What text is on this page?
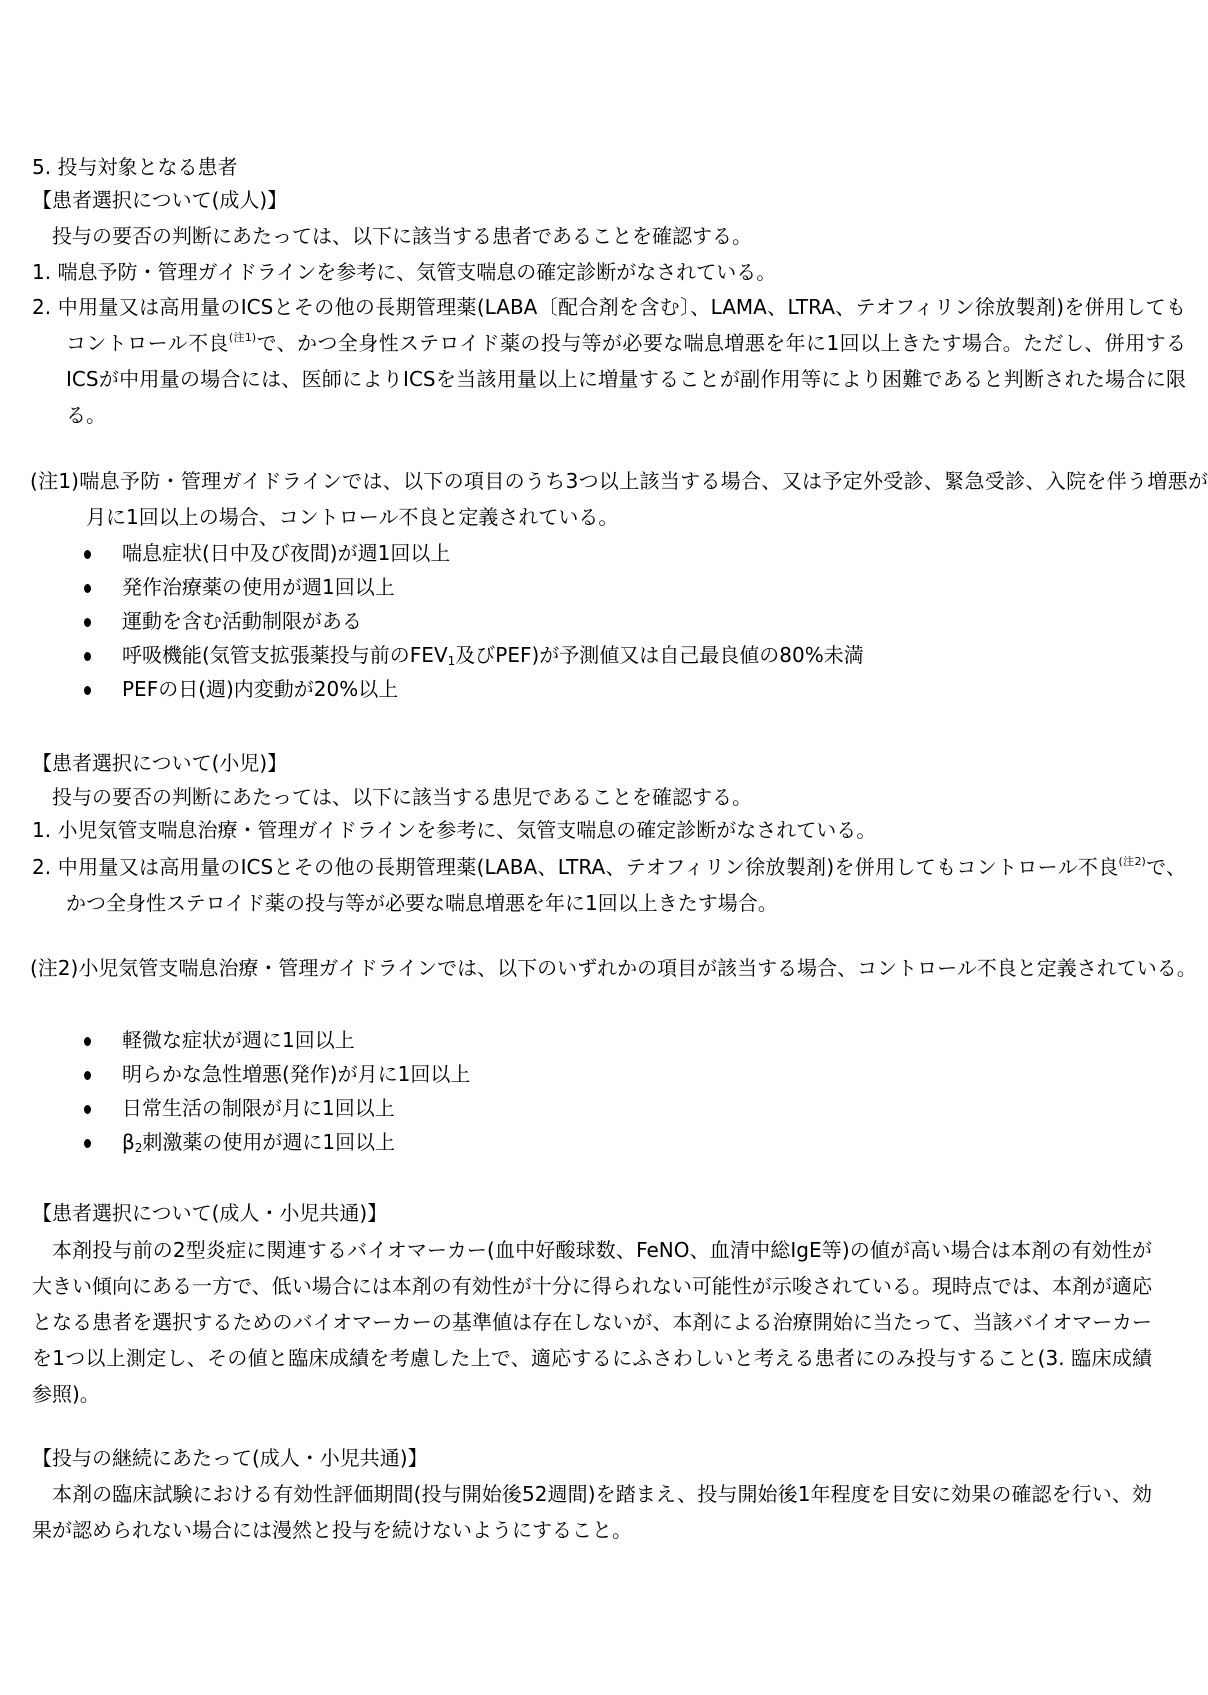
5. 投与対象となる患者
【患者選択について(成人)】
投与の要否の判断にあたっては、以下に該当する患者であることを確認する。
1. 喘息予防・管理ガイドラインを参考に、気管支喘息の確定診断がなされている。
2. 中用量又は高用量のICSとその他の長期管理薬(LABA〔配合剤を含む〕、LAMA、LTRA、テオフィリン徐放製剤)を併用してもコントロール不良$^{(注1)}$で、かつ全身性ステロイド薬の投与等が必要な喘息増悪を年に1回以上きたす場合。ただし、併用するICSが中用量の場合には、医師によりICSを当該用量以上に増量することが副作用等により困難であると判断された場合に限る。
(注1)喘息予防・管理ガイドラインでは、以下の項目のうち3つ以上該当する場合、又は予定外受診、緊急受診、入院を伴う増悪が月に1回以上の場合、コントロール不良と定義されている。
喘息症状(日中及び夜間)が週1回以上
発作治療薬の使用が週1回以上
運動を含む活動制限がある
呼吸機能(気管支拡張薬投与前の$FEV_1$及びPEF)が予測値又は自己最良値の80%未満
PEFの日(週)内変動が20%以上
【患者選択について(小児)】
投与の要否の判断にあたっては、以下に該当する患児であることを確認する。
1. 小児気管支喘息治療・管理ガイドラインを参考に、気管支喘息の確定診断がなされている。
2. 中用量又は高用量のICSとその他の長期管理薬(LABA、LTRA、テオフィリン徐放製剤)を併用してもコントロール不良$^{(注2)}$で、かつ全身性ステロイド薬の投与等が必要な喘息増悪を年に1回以上きたす場合。
(注2)小児気管支喘息治療・管理ガイドラインでは、以下のいずれかの項目が該当する場合、コントロール不良と定義されている。
軽微な症状が週に1回以上
明らかな急性増悪(発作)が月に1回以上
日常生活の制限が月に1回以上
$\beta_2$刺激薬の使用が週に1回以上
【患者選択について(成人・小児共通)】
本剤投与前の2型炎症に関連するバイオマーカー(血中好酸球数、FeNO、血清中総IgE等)の値が高い場合は本剤の有効性が大きい傾向にある一方で、低い場合には本剤の有効性が十分に得られない可能性が示唆されている。現時点では、本剤が適応となる患者を選択するためのバイオマーカーの基準値は存在しないが、本剤による治療開始に当たって、当該バイオマーカーを1つ以上測定し、その値と臨床成績を考慮した上で、適応するにふさわしいと考える患者にのみ投与すること(3. 臨床成績参照)。
【投与の継続にあたって(成人・小児共通)】
本剤の臨床試験における有効性評価期間(投与開始後52週間)を踏まえ、投与開始後1年程度を目安に効果の確認を行い、効果が認められない場合には漫然と投与を続けないようにすること。
